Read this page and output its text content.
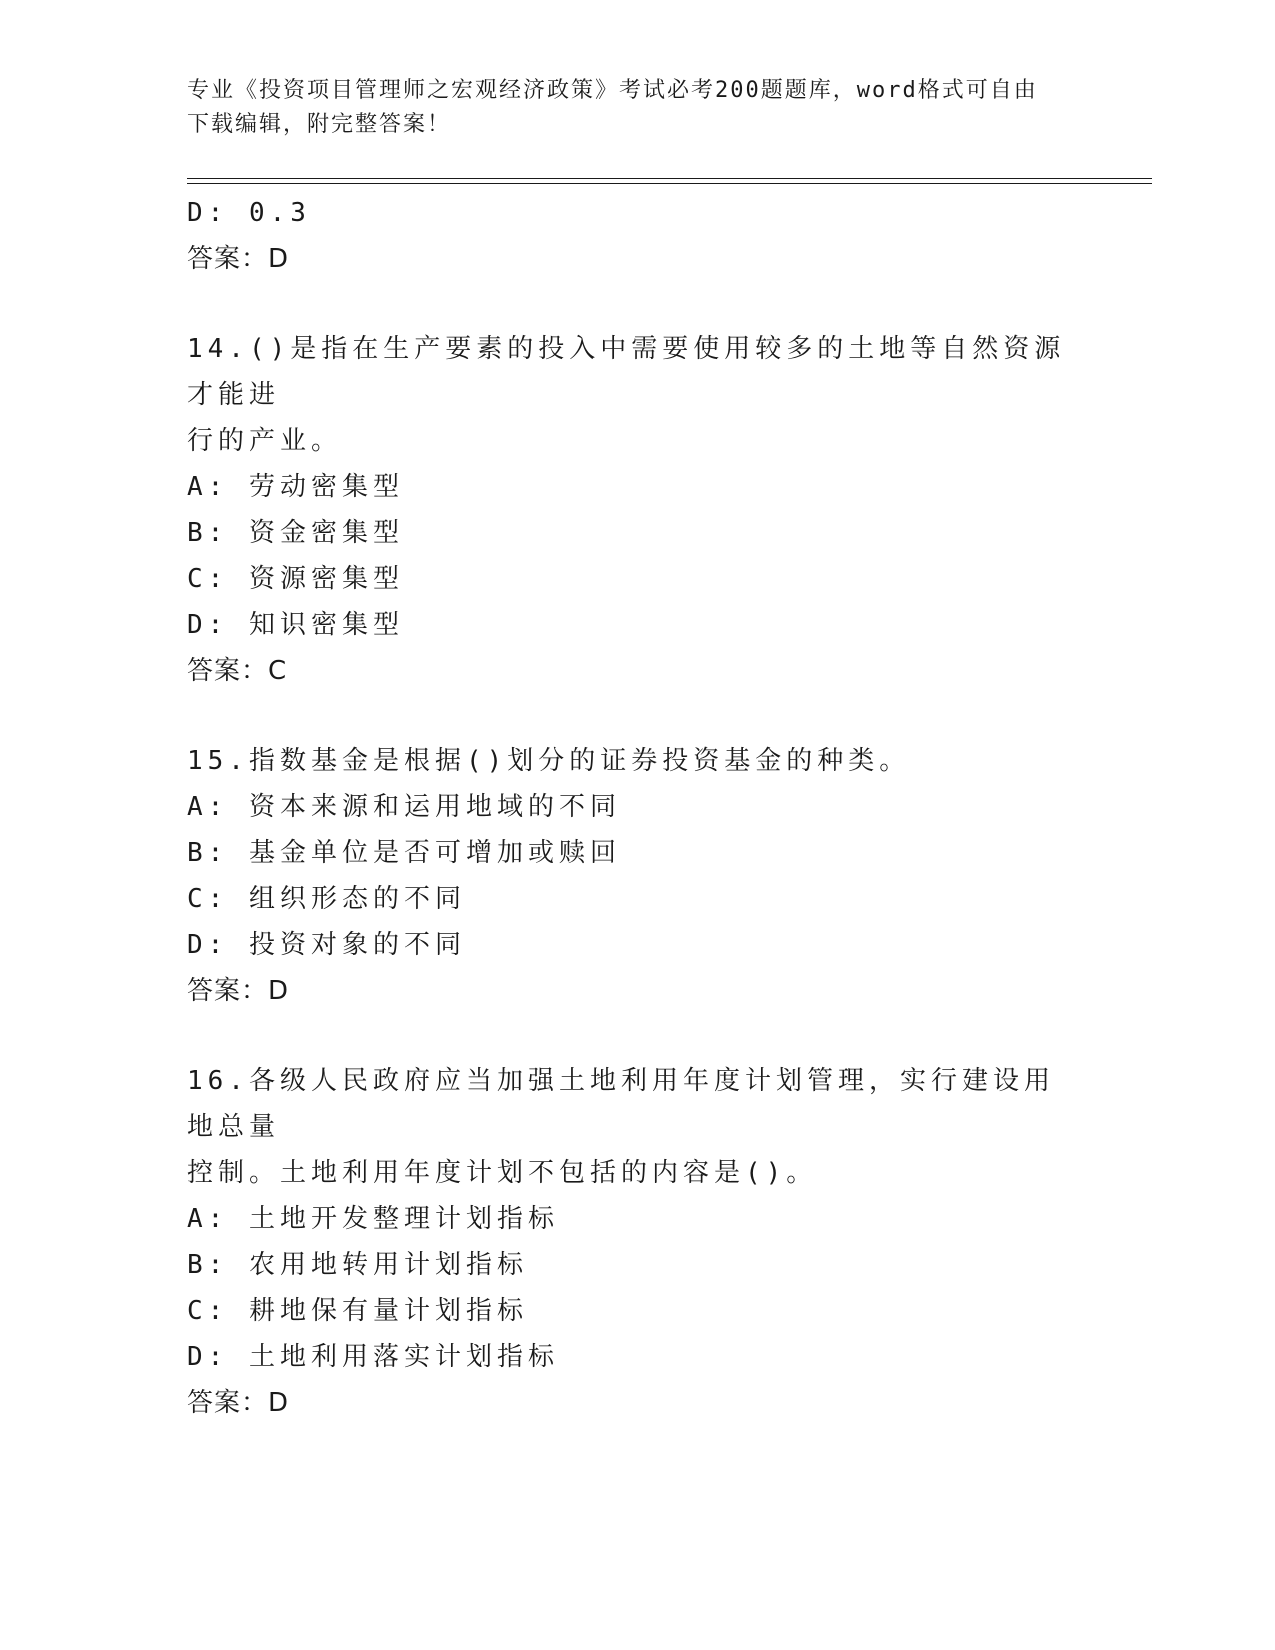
专业《投资项目管理师之宏观经济政策》考试必考200题题库，word格式可自由
下载编辑，附完整答案！
D: 0.3
答案：D
14.()是指在生产要素的投入中需要使用较多的土地等自然资源才能进
行的产业。
A: 劳动密集型
B: 资金密集型
C: 资源密集型
D: 知识密集型
答案：C
15.指数基金是根据()划分的证券投资基金的种类。
A: 资本来源和运用地域的不同
B: 基金单位是否可增加或赎回
C: 组织形态的不同
D: 投资对象的不同
答案：D
16.各级人民政府应当加强土地利用年度计划管理，实行建设用地总量
控制。土地利用年度计划不包括的内容是()。
A: 土地开发整理计划指标
B: 农用地转用计划指标
C: 耕地保有量计划指标
D: 土地利用落实计划指标
答案：D
